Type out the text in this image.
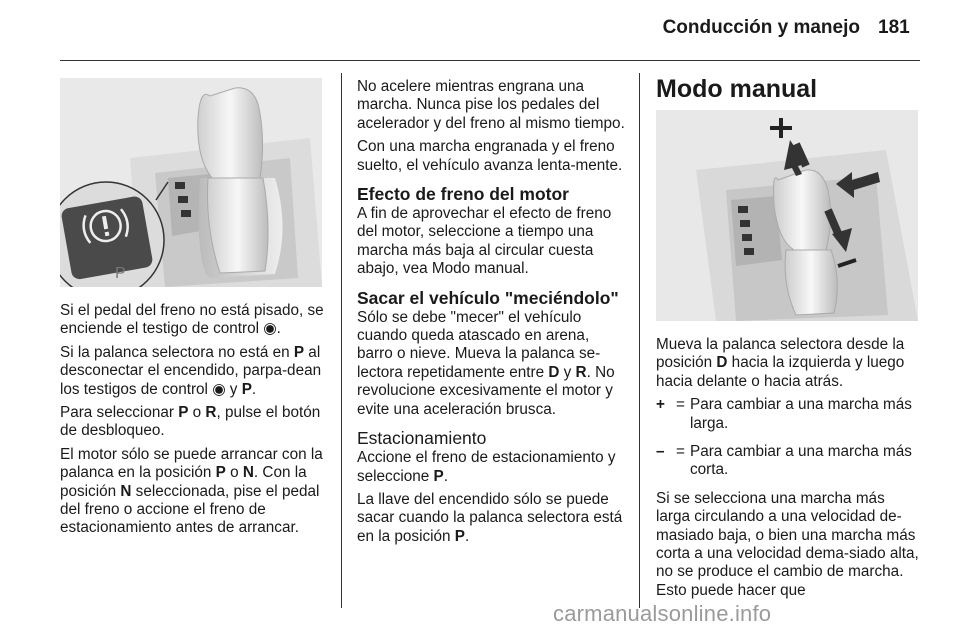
Conducción y manejo 181
P

Si el pedal del freno no está pisado, se enciende el testigo de control ◉.

Si la palanca selectora no está en P al desconectar el encendido, parpa-dean los testigos de control ◉ y P.

Para seleccionar P o R, pulse el botón de desbloqueo.

El motor sólo se puede arrancar con la palanca en la posición P o N. Con la posición N seleccionada, pise el pedal del freno o accione el freno de estacionamiento antes de arrancar.

No acelere mientras engrana una marcha. Nunca pise los pedales del acelerador y del freno al mismo tiempo.

Con una marcha engranada y el freno suelto, el vehículo avanza lenta-mente.

Efecto de freno del motor

A fin de aprovechar el efecto de freno del motor, seleccione a tiempo una marcha más baja al circular cuesta abajo, vea Modo manual.

Sacar el vehículo "meciéndolo"

Sólo se debe "mecer" el vehículo cuando queda atascado en arena, barro o nieve. Mueva la palanca se-lectora repetidamente entre D y R. No revolucione excesivamente el motor y evite una aceleración brusca.

Estacionamiento

Accione el freno de estacionamiento y seleccione P.

La llave del encendido sólo se puede sacar cuando la palanca selectora está en la posición P.

Modo manual

Mueva la palanca selectora desde la posición D hacia la izquierda y luego hacia delante o hacia atrás.

+ = Para cambiar a una marcha más larga.
– = Para cambiar a una marcha más corta.

Si se selecciona una marcha más larga circulando a una velocidad de-masiado baja, o bien una marcha más corta a una velocidad dema-siado alta, no se produce el cambio de marcha. Esto puede hacer que

carmanualsonline.info
